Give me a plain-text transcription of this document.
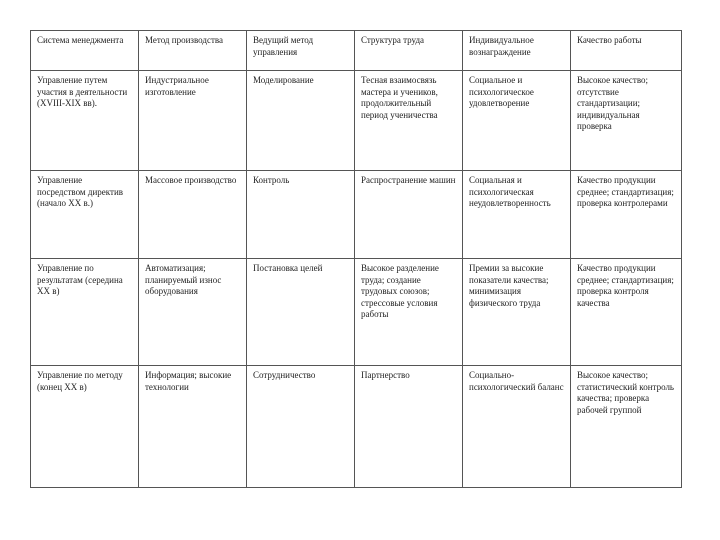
Система менеджмента	Метод производства	Ведущий метод управления	Структура труда	Индивидуальное вознаграждение	Качество работы

Управление путем участия в деятельности (XVIII-XIX вв).	Индустриальное изготовление	Моделирование	Тесная взаимосвязь мастера и учеников, продолжительный период ученичества	Социальное и психологическое удовлетворение	Высокое качество; отсутствие стандартизации; индивидуальная проверка

Управление посредством директив (начало XX в.)	Массовое производство	Контроль	Распространение машин	Социальная и психологическая неудовлетворенность	Качество продукции среднее; стандартизация; проверка контролерами

Управление по результатам (середина XX в)	Автоматизация; планируемый износ оборудования	Постановка целей	Высокое разделение труда; создание трудовых союзов; стрессовые условия работы	Премии за высокие показатели качества; минимизация физического труда	Качество продукции среднее; стандартизация; проверка контроля качества

Управление по методу (конец XX в)	Информация; высокие технологии	Сотрудничество	Партнерство	Социально-психологический баланс	Высокое качество; статистический контроль качества; проверка рабочей группой
